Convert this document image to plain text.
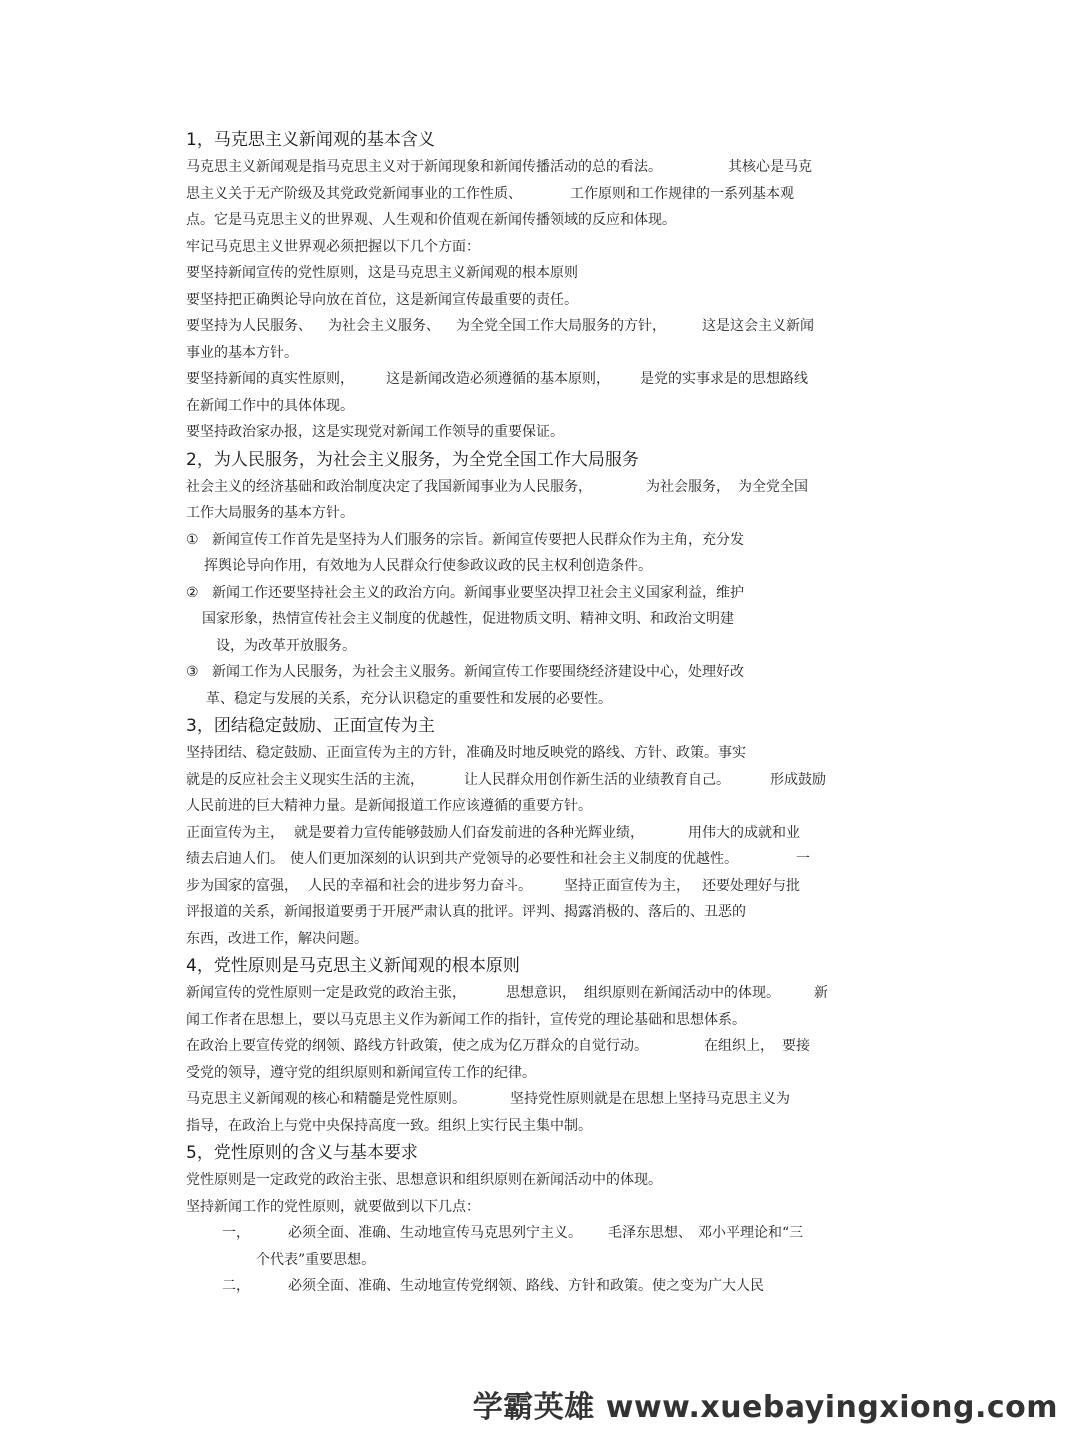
1，马克思主义新闻观的基本含义

马克思主义新闻观是指马克思主义对于新闻现象和新闻传播活动的总的看法。	其核心是马克

思主义关于无产阶级及其党政党新闻事业的工作性质、	工作原则和工作规律的一系列基本观

点。它是马克思主义的世界观、人生观和价值观在新闻传播领域的反应和体现。

牢记马克思主义世界观必须把握以下几个方面：

要坚持新闻宣传的党性原则，这是马克思主义新闻观的根本原则

要坚持把正确舆论导向放在首位，这是新闻宣传最重要的责任。

要坚持为人民服务、 为社会主义服务、 为全党全国工作大局服务的方针，	这是这会主义新闻

事业的基本方针。

要坚持新闻的真实性原则， 这是新闻改造必须遵循的基本原则， 是党的实事求是的思想路线

在新闻工作中的具体体现。

要坚持政治家办报，这是实现党对新闻工作领导的重要保证。

2，为人民服务，为社会主义服务，为全党全国工作大局服务

社会主义的经济基础和政治制度决定了我国新闻事业为人民服务，	为社会服务， 为全党全国

工作大局服务的基本方针。

① 新闻宣传工作首先是坚持为人们服务的宗旨。新闻宣传要把人民群众作为主角，充分发

挥舆论导向作用，有效地为人民群众行使参政议政的民主权利创造条件。

② 新闻工作还要坚持社会主义的政治方向。新闻事业要坚决捍卫社会主义国家利益，维护

国家形象，热情宣传社会主义制度的优越性，促进物质文明、精神文明、和政治文明建

设，为改革开放服务。

③ 新闻工作为人民服务，为社会主义服务。新闻宣传工作要围绕经济建设中心，处理好改

革、稳定与发展的关系，充分认识稳定的重要性和发展的必要性。

3，团结稳定鼓励、正面宣传为主

坚持团结、稳定鼓励、正面宣传为主的方针，准确及时地反映党的路线、方针、政策。事实

就是的反应社会主义现实生活的主流，	让人民群众用创作新生活的业绩教育自己。	形成鼓励

人民前进的巨大精神力量。是新闻报道工作应该遵循的重要方针。

正面宣传为主， 就是要着力宣传能够鼓励人们奋发前进的各种光辉业绩，	用伟大的成就和业

绩去启迪人们。 使人们更加深刻的认识到共产党领导的必要性和社会主义制度的优越性。	一

步为国家的富强， 人民的幸福和社会的进步努力奋斗。 坚持正面宣传为主， 还要处理好与批

评报道的关系，新闻报道要勇于开展严肃认真的批评。评判、揭露消极的、落后的、丑恶的

东西，改进工作，解决问题。

4，党性原则是马克思主义新闻观的根本原则

新闻宣传的党性原则一定是政党的政治主张，	思想意识， 组织原则在新闻活动中的体现。 新

闻工作者在思想上，要以马克思主义作为新闻工作的指针，宣传党的理论基础和思想体系。

在政治上要宣传党的纲领、路线方针政策，使之成为亿万群众的自觉行动。	在组织上， 要接

受党的领导，遵守党的组织原则和新闻宣传工作的纪律。

马克思主义新闻观的核心和精髓是党性原则。	坚持党性原则就是在思想上坚持马克思主义为

指导，在政治上与党中央保持高度一致。组织上实行民主集中制。

5，党性原则的含义与基本要求

党性原则是一定政党的政治主张、思想意识和组织原则在新闻活动中的体现。

坚持新闻工作的党性原则，就要做到以下几点：

一，	必须全面、准确、生动地宣传马克思列宁主义。 毛泽东思想、 邓小平理论和“三

个代表”重要思想。

二，	必须全面、准确、生动地宣传党纲领、路线、方针和政策。使之变为广大人民

学霸英雄 www.xuebayingxiong.com
